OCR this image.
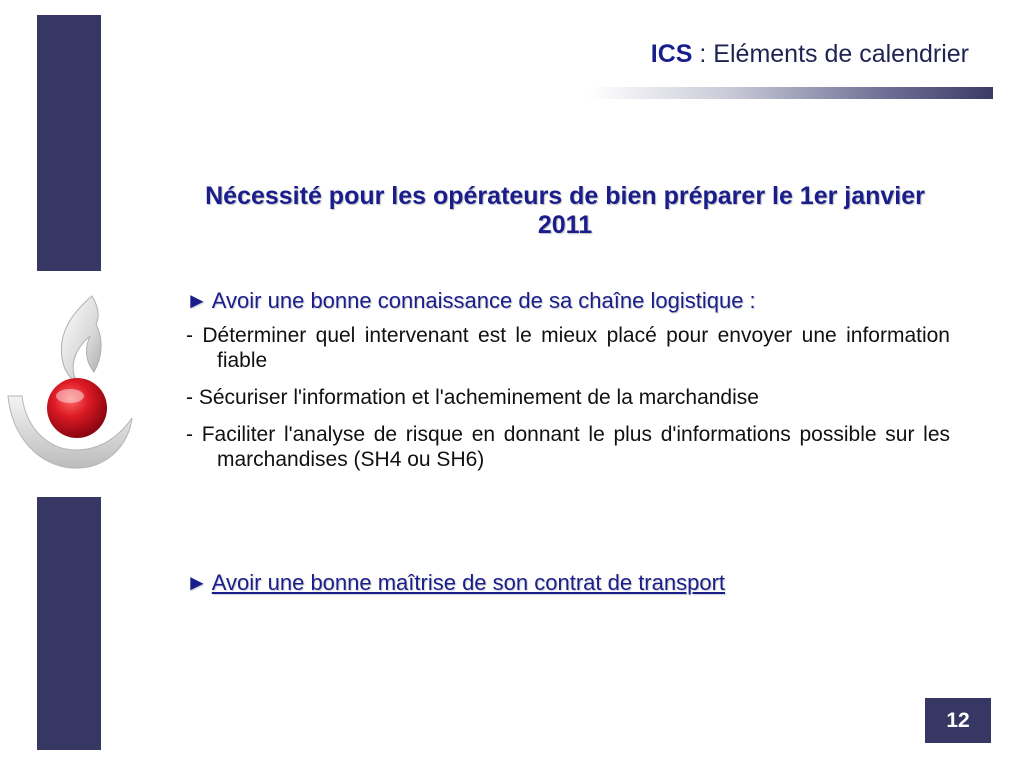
ICS : Eléments de calendrier
Nécessité pour les opérateurs de bien préparer le 1er janvier 2011
► Avoir une bonne connaissance de sa chaîne logistique :
- Déterminer quel intervenant est le mieux placé pour envoyer une information fiable
- Sécuriser l'information et l'acheminement de la marchandise
- Faciliter l'analyse de risque en donnant le plus d'informations possible sur les marchandises (SH4 ou SH6)
► Avoir une bonne maîtrise de son contrat de transport
12
